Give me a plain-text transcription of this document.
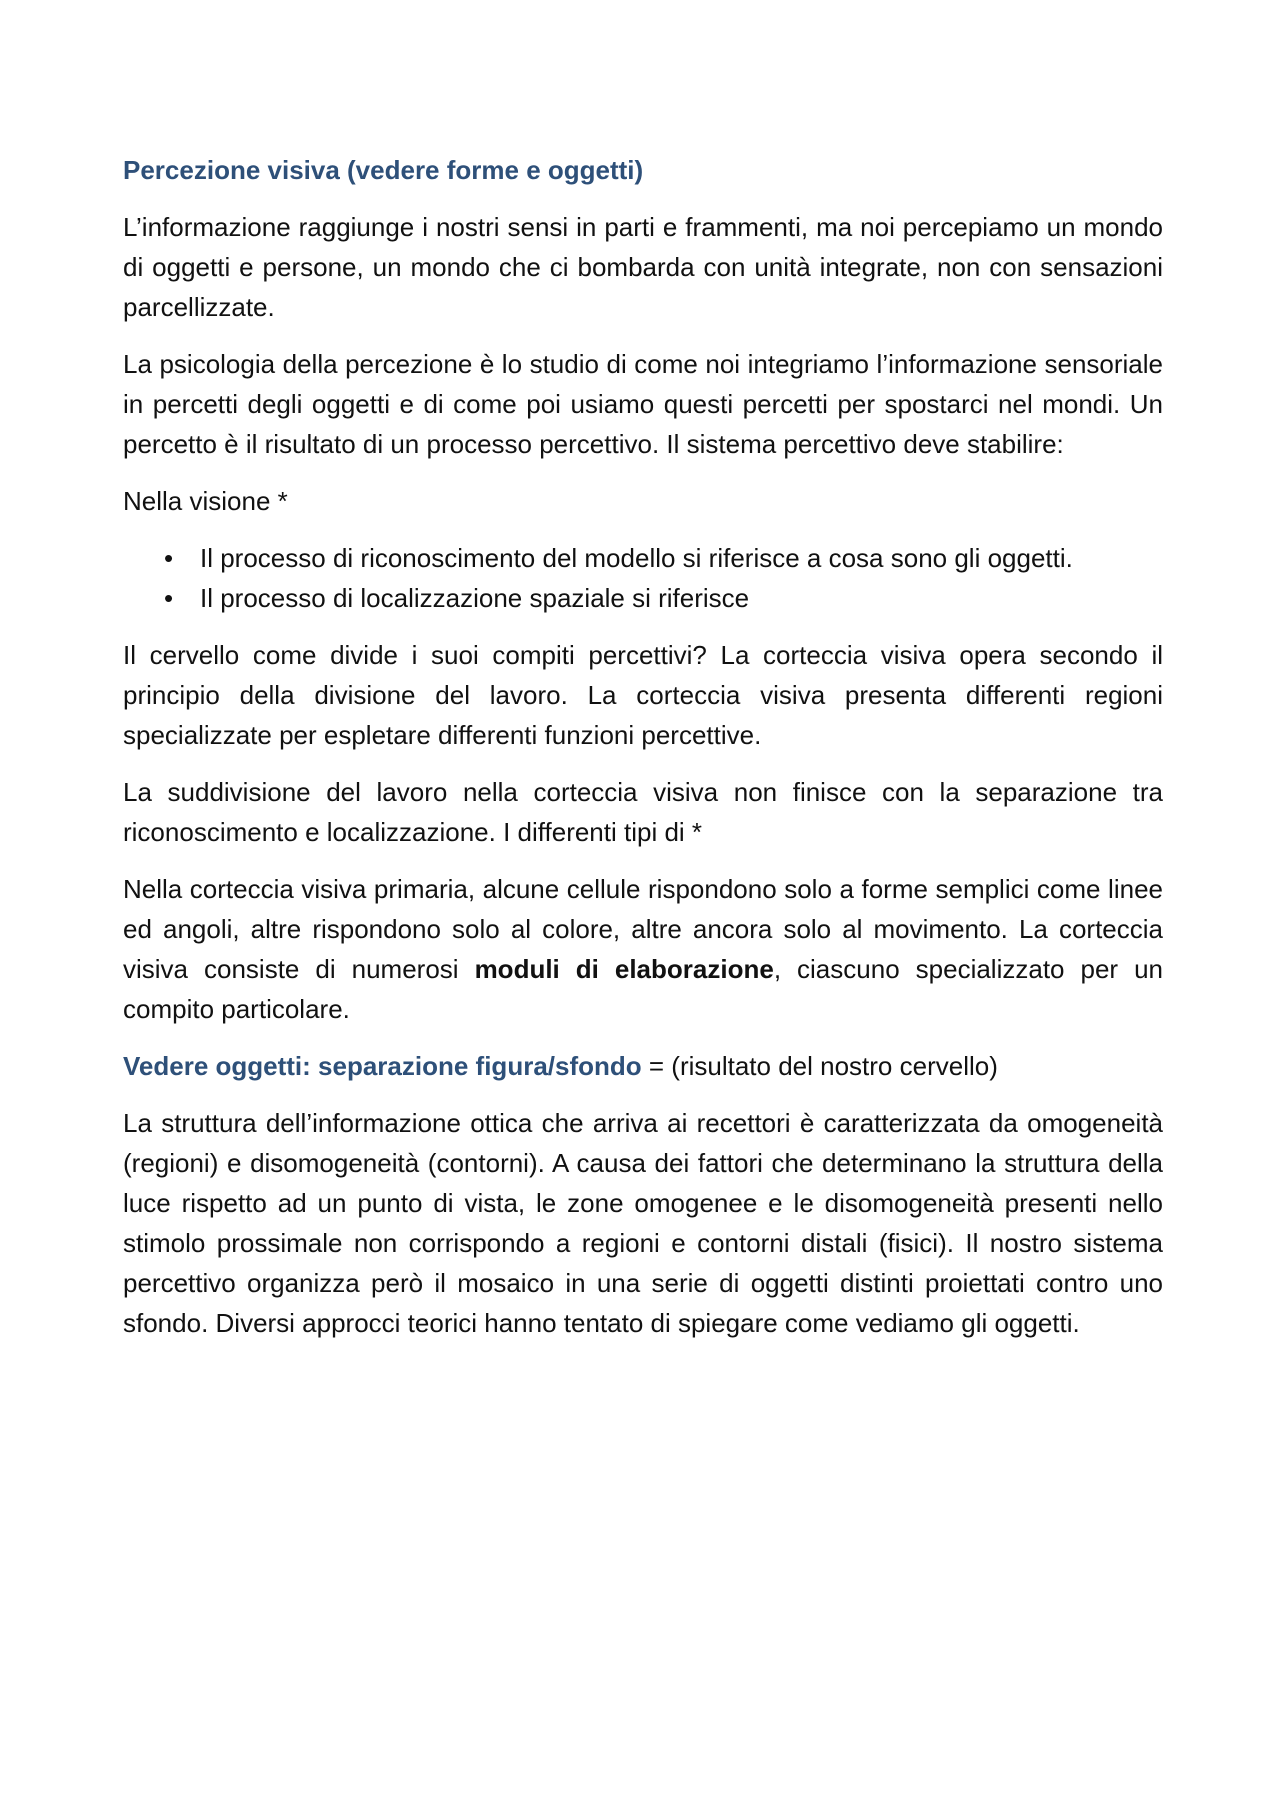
Percezione visiva (vedere forme e oggetti)

L’informazione raggiunge i nostri sensi in parti e frammenti, ma noi percepiamo un mondo di oggetti e persone, un mondo che ci bombarda con unità integrate, non con sensazioni parcellizzate.

La psicologia della percezione è lo studio di come noi integriamo l’informazione sensoriale in percetti degli oggetti e di come poi usiamo questi percetti per spostarci nel mondi. Un percetto è il risultato di un processo percettivo. Il sistema percettivo deve stabilire:

Nella visione *

• Il processo di riconoscimento del modello si riferisce a cosa sono gli oggetti.
• Il processo di localizzazione spaziale si riferisce

Il cervello come divide i suoi compiti percettivi? La corteccia visiva opera secondo il principio della divisione del lavoro. La corteccia visiva presenta differenti regioni specializzate per espletare differenti funzioni percettive.

La suddivisione del lavoro nella corteccia visiva non finisce con la separazione tra riconoscimento e localizzazione. I differenti tipi di *

Nella corteccia visiva primaria, alcune cellule rispondono solo a forme semplici come linee ed angoli, altre rispondono solo al colore, altre ancora solo al movimento. La corteccia visiva consiste di numerosi moduli di elaborazione, ciascuno specializzato per un compito particolare.

Vedere oggetti: separazione figura/sfondo = (risultato del nostro cervello)

La struttura dell’informazione ottica che arriva ai recettori è caratterizzata da omogeneità (regioni) e disomogeneità (contorni). A causa dei fattori che determinano la struttura della luce rispetto ad un punto di vista, le zone omogenee e le disomogeneità presenti nello stimolo prossimale non corrispondo a regioni e contorni distali (fisici). Il nostro sistema percettivo organizza però il mosaico in una serie di oggetti distinti proiettati contro uno sfondo. Diversi approcci teorici hanno tentato di spiegare come vediamo gli oggetti.
